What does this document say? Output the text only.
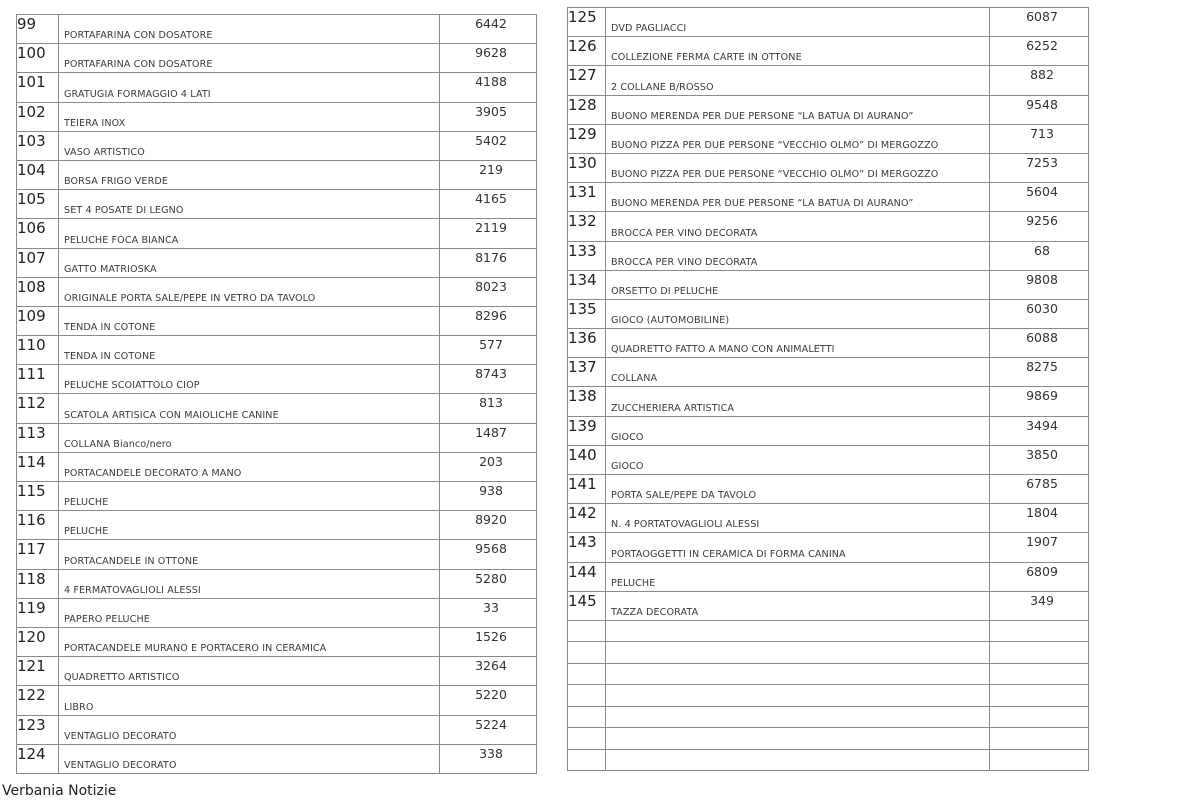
99	PORTAFARINA CON DOSATORE	6442
100	PORTAFARINA CON DOSATORE	9628
101	GRATUGIA FORMAGGIO 4 LATI	4188
102	TEIERA INOX	3905
103	VASO ARTISTICO	5402
104	BORSA FRIGO VERDE	219
105	SET 4 POSATE DI LEGNO	4165
106	PELUCHE FOCA BIANCA	2119
107	GATTO MATRIOSKA	8176
108	ORIGINALE PORTA SALE/PEPE IN VETRO DA TAVOLO	8023
109	TENDA IN COTONE	8296
110	TENDA IN COTONE	577
111	PELUCHE SCOIATTOLO CIOP	8743
112	SCATOLA ARTISICA CON MAIOLICHE CANINE	813
113	COLLANA Bianco/nero	1487
114	PORTACANDELE DECORATO A MANO	203
115	PELUCHE	938
116	PELUCHE	8920
117	PORTACANDELE IN OTTONE	9568
118	4 FERMATOVAGLIOLI ALESSI	5280
119	PAPERO PELUCHE	33
120	PORTACANDELE MURANO E PORTACERO IN CERAMICA	1526
121	QUADRETTO ARTISTICO	3264
122	LIBRO	5220
123	VENTAGLIO DECORATO	5224
124	VENTAGLIO DECORATO	338
125	DVD PAGLIACCI	6087
126	COLLEZIONE FERMA CARTE IN OTTONE	6252
127	2 COLLANE B/ROSSO	882
128	BUONO MERENDA PER DUE PERSONE “LA BATUA DI AURANO”	9548
129	BUONO PIZZA PER DUE PERSONE “VECCHIO OLMO” DI MERGOZZO	713
130	BUONO PIZZA PER DUE PERSONE “VECCHIO OLMO” DI MERGOZZO	7253
131	BUONO MERENDA PER DUE PERSONE “LA BATUA DI AURANO”	5604
132	BROCCA PER VINO DECORATA	9256
133	BROCCA PER VINO DECORATA	68
134	ORSETTO DI PELUCHE	9808
135	GIOCO (AUTOMOBILINE)	6030
136	QUADRETTO FATTO A MANO CON ANIMALETTI	6088
137	COLLANA	8275
138	ZUCCHERIERA ARTISTICA	9869
139	GIOCO	3494
140	GIOCO	3850
141	PORTA SALE/PEPE DA TAVOLO	6785
142	N. 4 PORTATOVAGLIOLI ALESSI	1804
143	PORTAOGGETTI IN CERAMICA DI FORMA CANINA	1907
144	PELUCHE	6809
145	TAZZA DECORATA	349

Verbania Notizie
